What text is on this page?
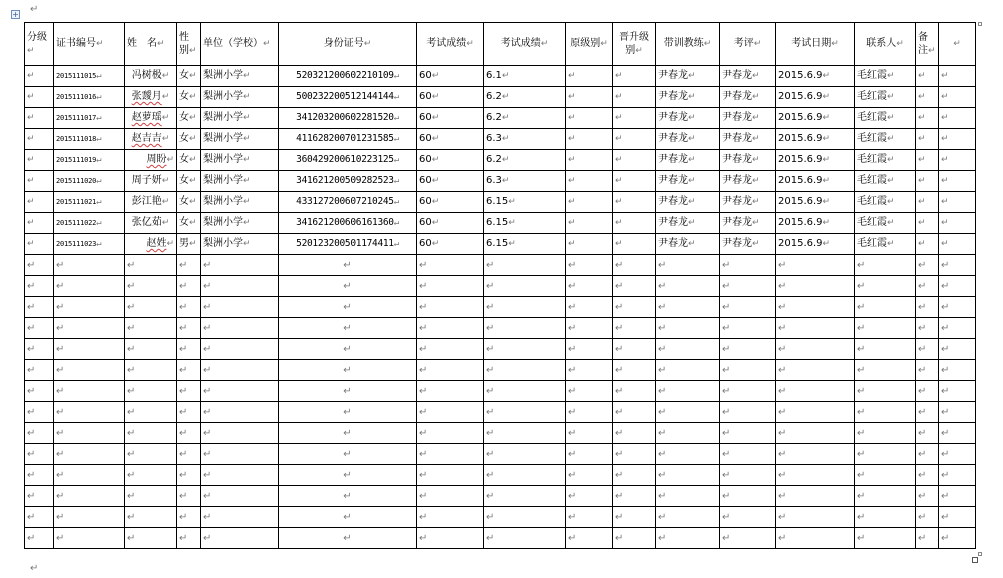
↵
+
分级↵	证书编号↵	姓　名↵	性别↵	单位（学校）↵	身份证号↵	考试成绩↵	考试成绩↵	原级别↵	晋升级别↵	带训教练↵	考评↵	考试日期↵	联系人↵	备注↵	↵
↵	2015111015↵	冯树极↵	女↵	梨洲小学↵	520321200602210109↵	60↵	6.1↵	↵	↵	尹春龙↵	尹春龙↵	2015.6.9↵	毛红霞↵	↵	↵
↵	2015111016↵	张靉月↵	女↵	梨洲小学↵	500232200512144144↵	60↵	6.2↵	↵	↵	尹春龙↵	尹春龙↵	2015.6.9↵	毛红霞↵	↵	↵
↵	2015111017↵	赵萝瑶↵	女↵	梨洲小学↵	341203200602281520↵	60↵	6.2↵	↵	↵	尹春龙↵	尹春龙↵	2015.6.9↵	毛红霞↵	↵	↵
↵	2015111018↵	赵吉吉↵	女↵	梨洲小学↵	411628200701231585↵	60↵	6.3↵	↵	↵	尹春龙↵	尹春龙↵	2015.6.9↵	毛红霞↵	↵	↵
↵	2015111019↵	周盼↵	女↵	梨洲小学↵	360429200610223125↵	60↵	6.2↵	↵	↵	尹春龙↵	尹春龙↵	2015.6.9↵	毛红霞↵	↵	↵
↵	2015111020↵	周子妍↵	女↵	梨洲小学↵	341621200509282523↵	60↵	6.3↵	↵	↵	尹春龙↵	尹春龙↵	2015.6.9↵	毛红霞↵	↵	↵
↵	2015111021↵	彭江艳↵	女↵	梨洲小学↵	433127200607210245↵	60↵	6.15↵	↵	↵	尹春龙↵	尹春龙↵	2015.6.9↵	毛红霞↵	↵	↵
↵	2015111022↵	张亿茹↵	女↵	梨洲小学↵	341621200606161360↵	60↵	6.15↵	↵	↵	尹春龙↵	尹春龙↵	2015.6.9↵	毛红霞↵	↵	↵
↵	2015111023↵	赵姓↵	男↵	梨洲小学↵	520123200501174411↵	60↵	6.15↵	↵	↵	尹春龙↵	尹春龙↵	2015.6.9↵	毛红霞↵	↵	↵
↵	↵	↵	↵	↵	↵	↵	↵	↵	↵	↵	↵	↵	↵	↵	↵
↵	↵	↵	↵	↵	↵	↵	↵	↵	↵	↵	↵	↵	↵	↵	↵
↵	↵	↵	↵	↵	↵	↵	↵	↵	↵	↵	↵	↵	↵	↵	↵
↵	↵	↵	↵	↵	↵	↵	↵	↵	↵	↵	↵	↵	↵	↵	↵
↵	↵	↵	↵	↵	↵	↵	↵	↵	↵	↵	↵	↵	↵	↵	↵
↵	↵	↵	↵	↵	↵	↵	↵	↵	↵	↵	↵	↵	↵	↵	↵
↵	↵	↵	↵	↵	↵	↵	↵	↵	↵	↵	↵	↵	↵	↵	↵
↵	↵	↵	↵	↵	↵	↵	↵	↵	↵	↵	↵	↵	↵	↵	↵
↵	↵	↵	↵	↵	↵	↵	↵	↵	↵	↵	↵	↵	↵	↵	↵
↵	↵	↵	↵	↵	↵	↵	↵	↵	↵	↵	↵	↵	↵	↵	↵
↵	↵	↵	↵	↵	↵	↵	↵	↵	↵	↵	↵	↵	↵	↵	↵
↵	↵	↵	↵	↵	↵	↵	↵	↵	↵	↵	↵	↵	↵	↵	↵
↵	↵	↵	↵	↵	↵	↵	↵	↵	↵	↵	↵	↵	↵	↵	↵
↵	↵	↵	↵	↵	↵	↵	↵	↵	↵	↵	↵	↵	↵	↵	↵
↵
